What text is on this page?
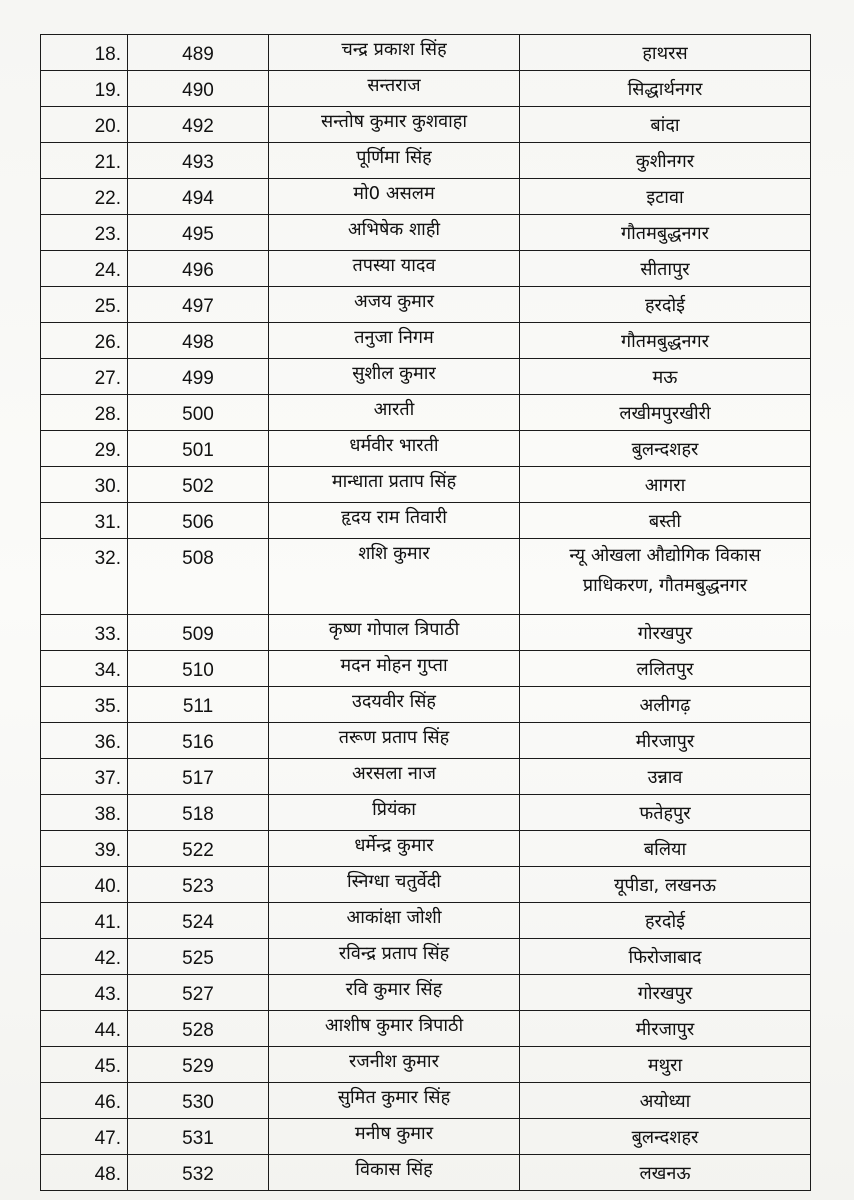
18.	489	चन्द्र प्रकाश सिंह	हाथरस

19.	490	सन्तराज	सिद्धार्थनगर

20.	492	सन्तोष कुमार कुशवाहा	बांदा

21.	493	पूर्णिमा सिंह	कुशीनगर

22.	494	मो0 असलम	इटावा

23.	495	अभिषेक शाही	गौतमबुद्धनगर

24.	496	तपस्या यादव	सीतापुर

25.	497	अजय कुमार	हरदोई

26.	498	तनुजा निगम	गौतमबुद्धनगर

27.	499	सुशील कुमार	मऊ

28.	500	आरती	लखीमपुरखीरी

29.	501	धर्मवीर भारती	बुलन्दशहर

30.	502	मान्धाता प्रताप सिंह	आगरा

31.	506	हृदय राम तिवारी	बस्ती

32.	508	शशि कुमार	न्यू ओखला औद्योगिक विकास
प्राधिकरण, गौतमबुद्धनगर

33.	509	कृष्ण गोपाल त्रिपाठी	गोरखपुर

34.	510	मदन मोहन गुप्ता	ललितपुर

35.	511	उदयवीर सिंह	अलीगढ़

36.	516	तरूण प्रताप सिंह	मीरजापुर

37.	517	अरसला नाज	उन्नाव

38.	518	प्रियंका	फतेहपुर

39.	522	धर्मेन्द्र कुमार	बलिया

40.	523	स्निग्धा चतुर्वेदी	यूपीडा, लखनऊ

41.	524	आकांक्षा जोशी	हरदोई

42.	525	रविन्द्र प्रताप सिंह	फिरोजाबाद

43.	527	रवि कुमार सिंह	गोरखपुर

44.	528	आशीष कुमार त्रिपाठी	मीरजापुर

45.	529	रजनीश कुमार	मथुरा

46.	530	सुमित कुमार सिंह	अयोध्या

47.	531	मनीष कुमार	बुलन्दशहर

48.	532	विकास सिंह	लखनऊ
